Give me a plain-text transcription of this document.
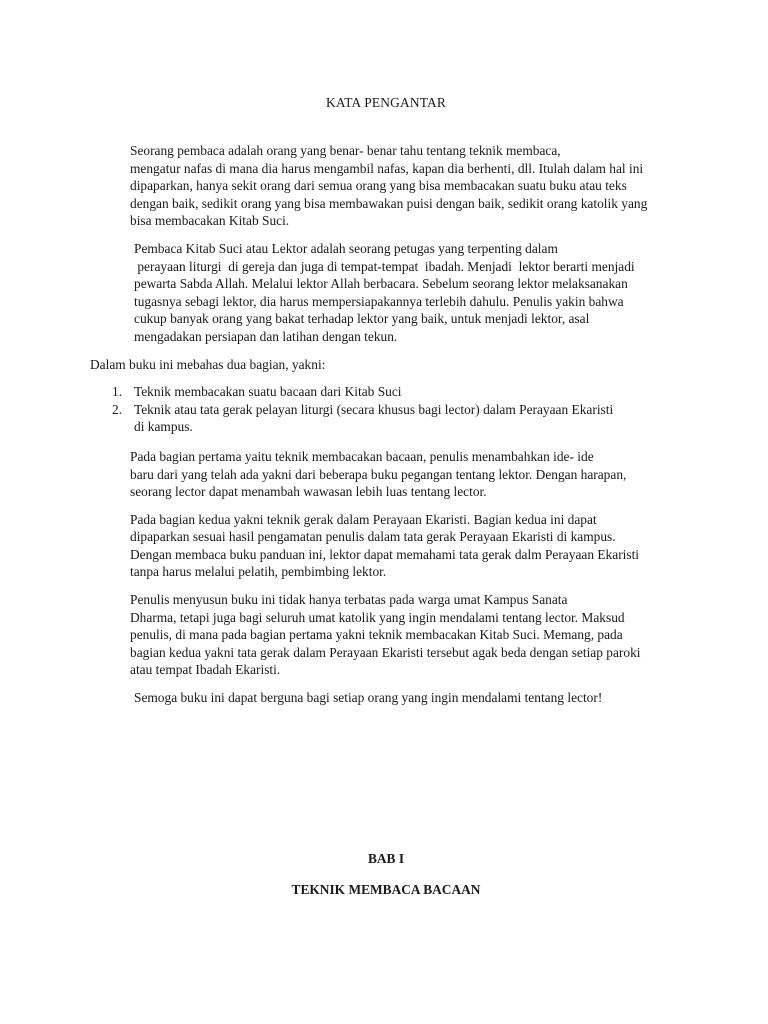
KATA PENGANTAR

Seorang pembaca adalah orang yang benar- benar tahu tentang teknik membaca,
mengatur nafas di mana dia harus mengambil nafas, kapan dia berhenti, dll. Itulah dalam hal ini
dipaparkan, hanya sekit orang dari semua orang yang bisa membacakan suatu buku atau teks
dengan baik, sedikit orang yang bisa membawakan puisi dengan baik, sedikit orang katolik yang
bisa membacakan Kitab Suci.

Pembaca Kitab Suci atau Lektor adalah seorang petugas yang terpenting dalam
perayaan liturgi  di gereja dan juga di tempat-tempat  ibadah. Menjadi  lektor berarti menjadi
pewarta Sabda Allah. Melalui lektor Allah berbacara. Sebelum seorang lektor melaksanakan
tugasnya sebagi lektor, dia harus mempersiapakannya terlebih dahulu. Penulis yakin bahwa
cukup banyak orang yang bakat terhadap lektor yang baik, untuk menjadi lektor, asal
mengadakan persiapan dan latihan dengan tekun.

Dalam buku ini mebahas dua bagian, yakni:

1. Teknik membacakan suatu bacaan dari Kitab Suci
2. Teknik atau tata gerak pelayan liturgi (secara khusus bagi lector) dalam Perayaan Ekaristi
di kampus.

Pada bagian pertama yaitu teknik membacakan bacaan, penulis menambahkan ide- ide
baru dari yang telah ada yakni dari beberapa buku pegangan tentang lektor. Dengan harapan,
seorang lector dapat menambah wawasan lebih luas tentang lector.

Pada bagian kedua yakni teknik gerak dalam Perayaan Ekaristi. Bagian kedua ini dapat
dipaparkan sesuai hasil pengamatan penulis dalam tata gerak Perayaan Ekaristi di kampus.
Dengan membaca buku panduan ini, lektor dapat memahami tata gerak dalm Perayaan Ekaristi
tanpa harus melalui pelatih, pembimbing lektor.

Penulis menyusun buku ini tidak hanya terbatas pada warga umat Kampus Sanata
Dharma, tetapi juga bagi seluruh umat katolik yang ingin mendalami tentang lector. Maksud
penulis, di mana pada bagian pertama yakni teknik membacakan Kitab Suci. Memang, pada
bagian kedua yakni tata gerak dalam Perayaan Ekaristi tersebut agak beda dengan setiap paroki
atau tempat Ibadah Ekaristi.

Semoga buku ini dapat berguna bagi setiap orang yang ingin mendalami tentang lector!

BAB I
TEKNIK MEMBACA BACAAN
